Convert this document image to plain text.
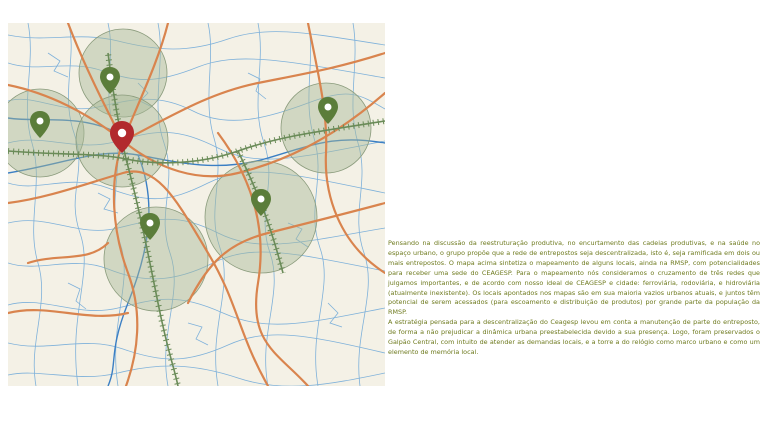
Pensando na discussão da reestruturação produtiva, no encurtamento das cadeias produtivas, e na saúde no espaço urbano, o grupo propõe que a rede de entrepostos seja descentralizada, isto é, seja ramificada em dois ou mais entrepostos. O mapa acima sintetiza o mapeamento de alguns locais, ainda na RMSP, com potencialidades para receber uma sede do CEAGESP. Para o mapeamento nós consideramos o cruzamento de três redes que julgamos importantes, e de acordo com nosso ideal de CEAGESP e cidade: ferroviária, rodoviária, e hidroviária (atualmente inexistente). Os locais apontados nos mapas são em sua maioria vazios urbanos atuais, e juntos têm potencial de serem acessados (para escoamento e distribuição de produtos) por grande parte da população da RMSP.

A estratégia pensada para a descentralização do Ceagesp levou em conta a manutenção de parte do entreposto, de forma a não prejudicar a dinâmica urbana preestabelecida devido a sua presença. Logo, foram preservados o Galpão Central, com intuito de atender as demandas locais, e a torre a do relógio como marco urbano e como um elemento de memória local.
